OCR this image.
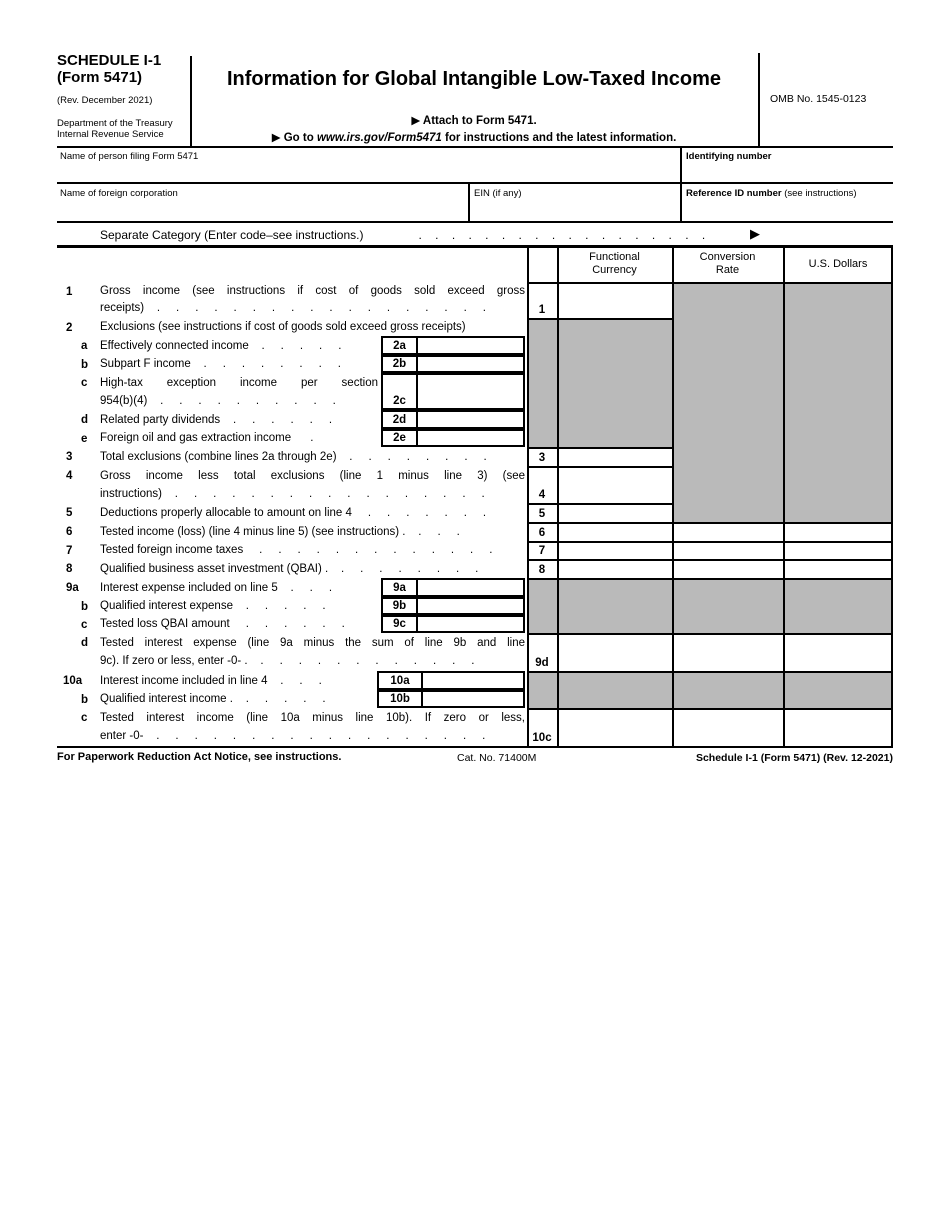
SCHEDULE I-1
(Form 5471)
(Rev. December 2021)
Department of the Treasury
Internal Revenue Service
Information for Global Intangible Low-Taxed Income
▶ Attach to Form 5471.
▶ Go to www.irs.gov/Form5471 for instructions and the latest information.
OMB No. 1545-0123
Name of person filing Form 5471	Identifying number
Name of foreign corporation	EIN (if any)	Reference ID number (see instructions)
Separate Category (Enter code–see instructions.)	.    .    .    .    .    .    .    .    .    .    .    .    .    .    .    .    .    .	▶
Functional
Currency
Conversion
Rate	U.S. Dollars
1 Gross income (see instructions if cost of goods sold exceed gross
receipts)    .     .     .     .     .     .     .     .     .     .     .     .     .     .     .     .     .     .	1
2 Exclusions (see instructions if cost of goods sold exceed gross receipts)
a Effectively connected income    .     .     .     .     .	2a
b Subpart F income    .     .     .     .     .     .     .     .	2b
c High-tax exception income per section
954(b)(4)    .     .     .     .     .     .     .     .     .     .	2c
d Related party dividends    .     .     .     .     .     .	2d
e Foreign oil and gas extraction income      .	2e
3 Total exclusions (combine lines 2a through 2e)    .     .     .     .     .     .     .     .	3
4 Gross income less total exclusions (line 1 minus line 3) (see
instructions)    .     .     .     .     .     .     .     .     .     .     .     .     .     .     .     .     .	4
5 Deductions properly allocable to amount on line 4     .     .     .     .     .     .     .	5
6 Tested income (loss) (line 4 minus line 5) (see instructions) .    .     .     .	6
7 Tested foreign income taxes     .     .     .     .     .     .     .     .     .     .     .     .     .	7
8 Qualified business asset investment (QBAI) .    .     .     .     .     .     .     .     .	8
9a Interest expense included on line 5    .     .     .	9a
b Qualified interest expense    .     .     .     .     .	9b
c Tested loss QBAI amount     .     .     .     .     .     .	9c
d Tested interest expense (line 9a minus the sum of line 9b and line
9c). If zero or less, enter -0- .    .     .     .     .     .     .     .     .     .     .     .     .	9d
10a Interest income included in line 4    .     .     .	10a
b Qualified interest income .    .     .     .     .     .	10b
c Tested interest income (line 10a minus line 10b). If zero or less,
enter -0-    .     .     .     .     .     .     .     .     .     .     .     .     .     .     .     .     .     .	10c
For Paperwork Reduction Act Notice, see instructions.	Cat. No. 71400M	Schedule I-1 (Form 5471) (Rev. 12-2021)
